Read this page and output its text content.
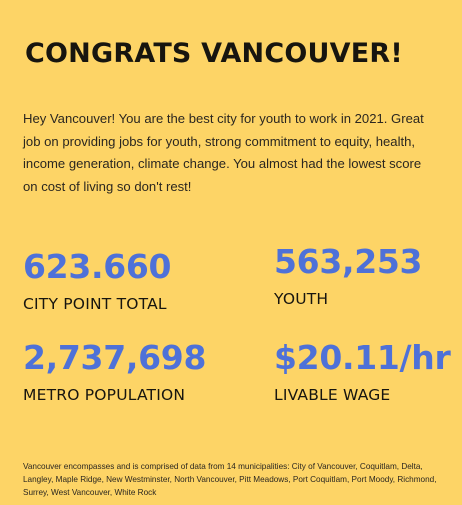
CONGRATS VANCOUVER!
Hey Vancouver! You are the best city for youth to work in 2021. Great job on providing jobs for youth, strong commitment to equity, health, income generation, climate change. You almost had the lowest score on cost of living so don't rest!
623.660
CITY POINT TOTAL
563,253
YOUTH
2,737,698
METRO POPULATION
$20.11/hr
LIVABLE WAGE
Vancouver encompasses and is comprised of data from 14 municipalities: City of Vancouver, Coquitlam, Delta, Langley, Maple Ridge, New Westminster, North Vancouver, Pitt Meadows, Port Coquitlam, Port Moody, Richmond, Surrey, West Vancouver, White Rock
